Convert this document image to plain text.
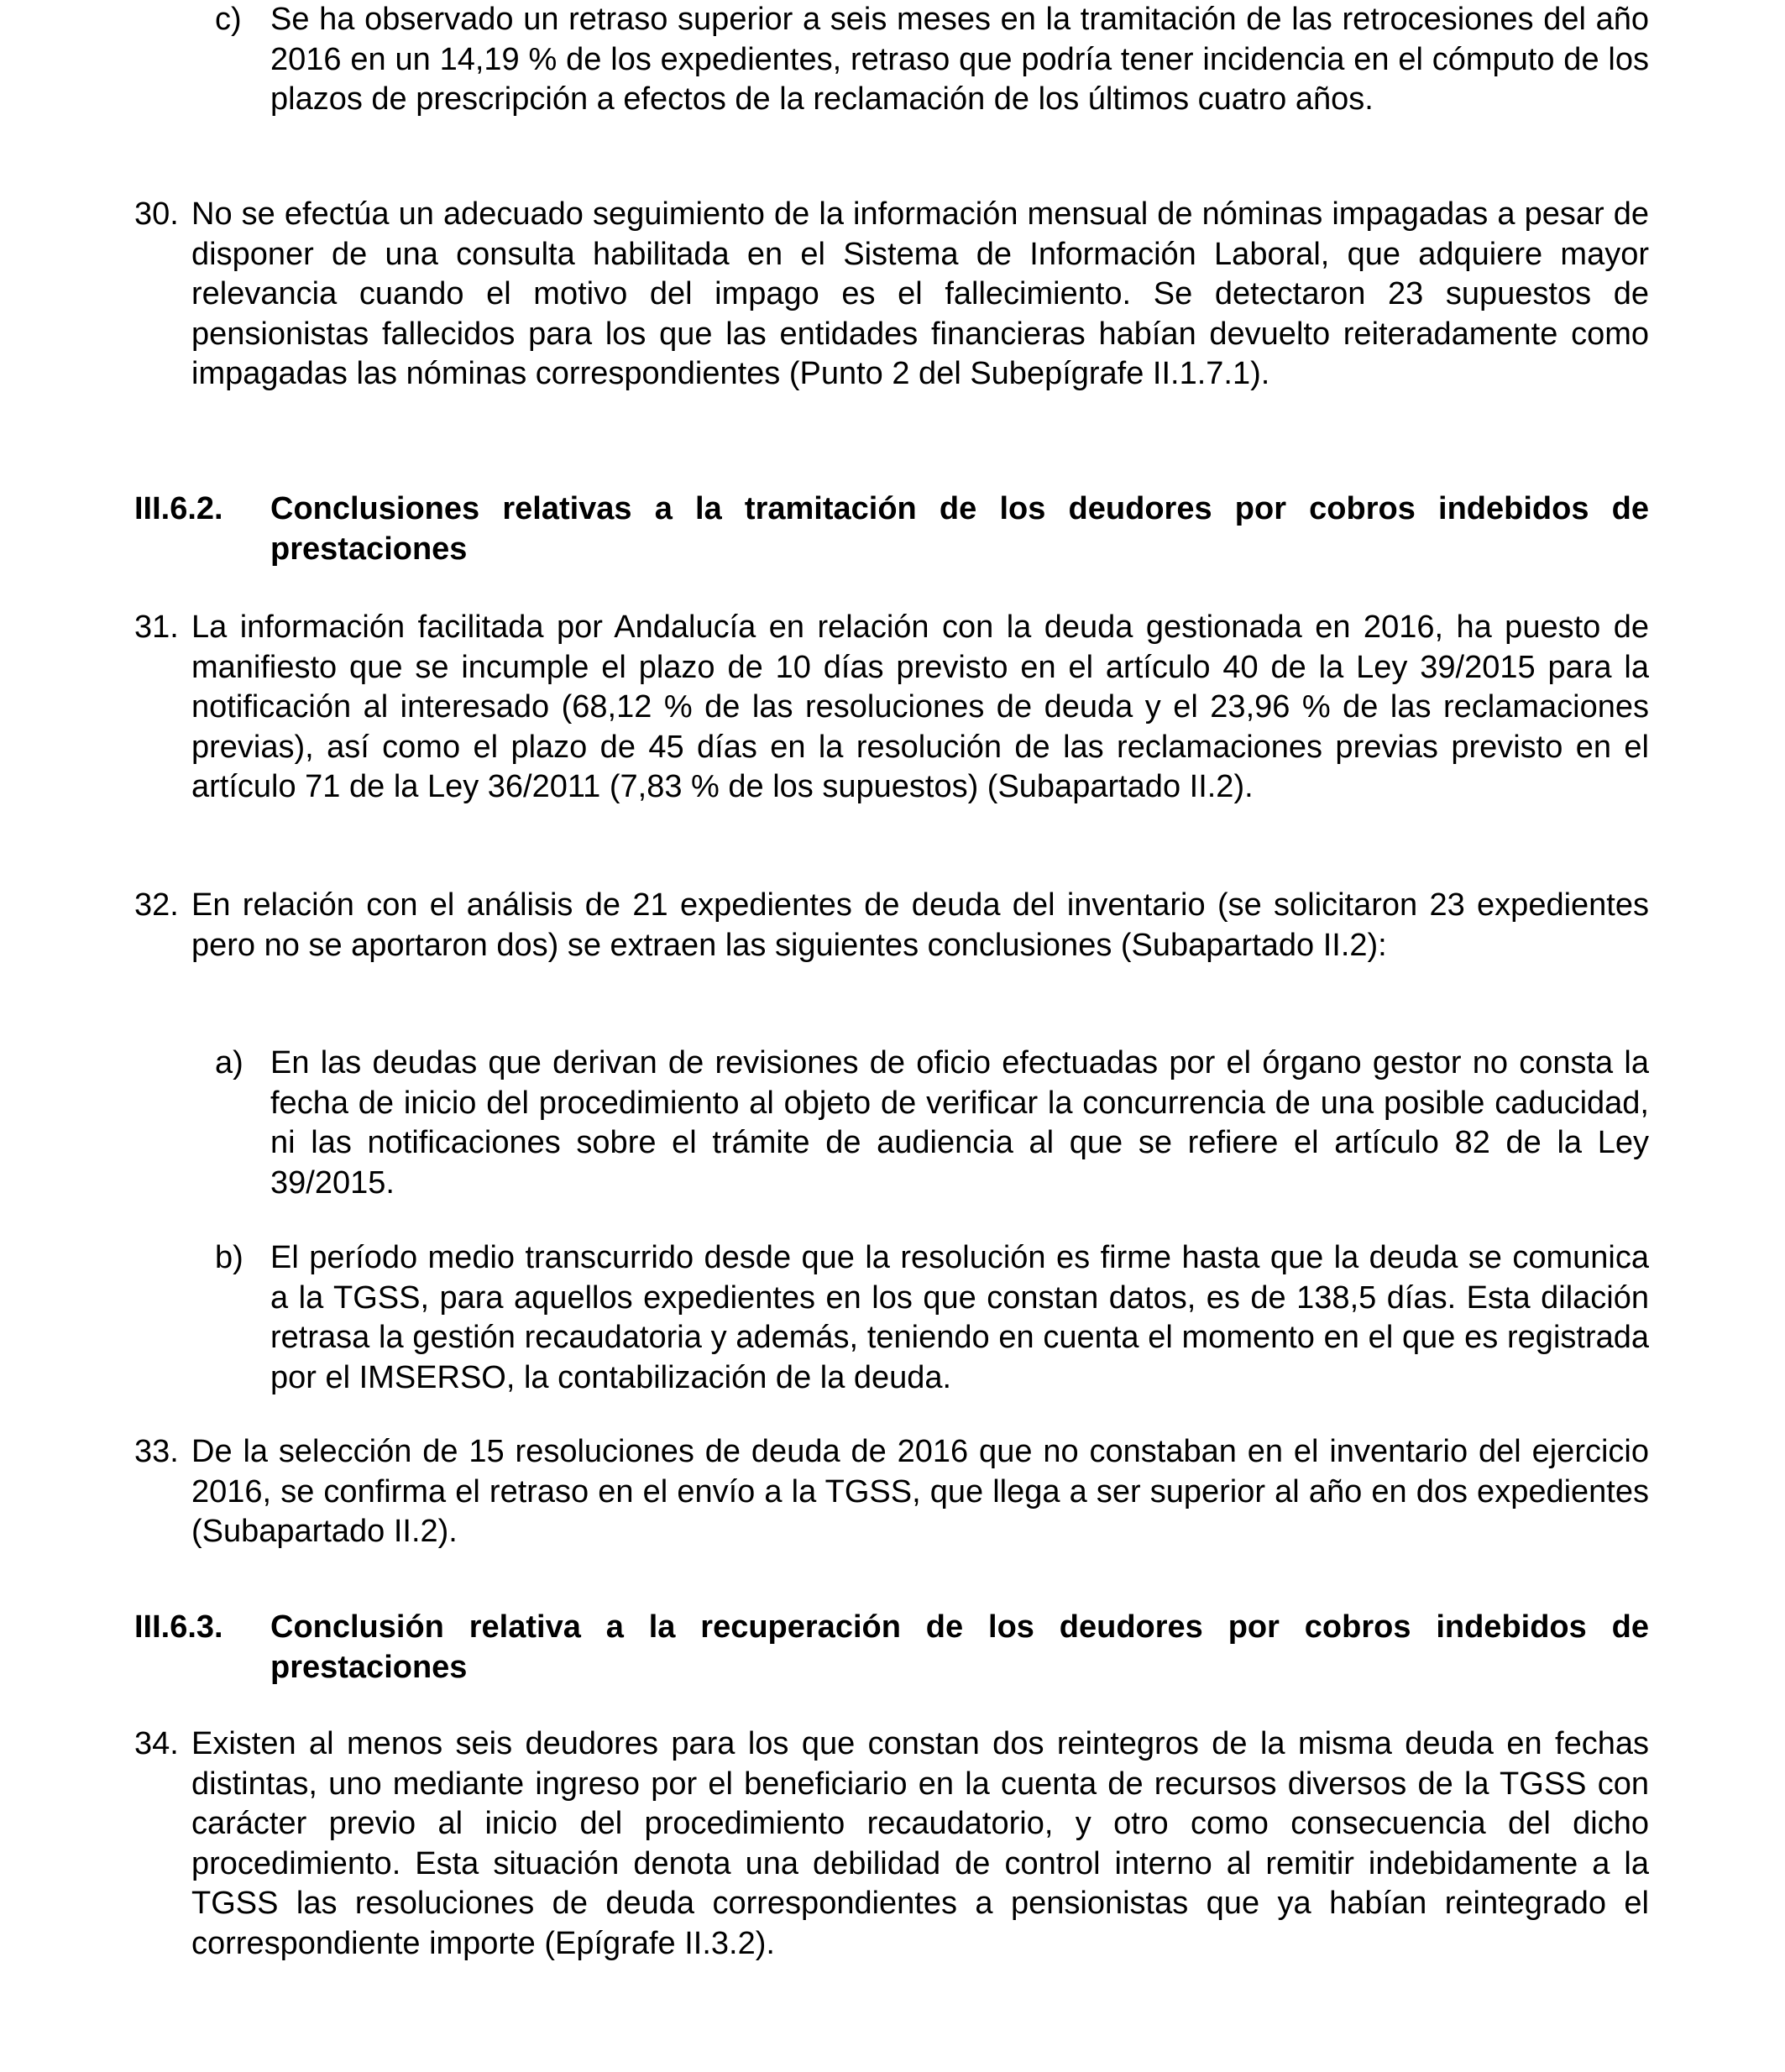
c) Se ha observado un retraso superior a seis meses en la tramitación de las retrocesiones del año 2016 en un 14,19 % de los expedientes, retraso que podría tener incidencia en el cómputo de los plazos de prescripción a efectos de la reclamación de los últimos cuatro años.
30. No se efectúa un adecuado seguimiento de la información mensual de nóminas impagadas a pesar de disponer de una consulta habilitada en el Sistema de Información Laboral, que adquiere mayor relevancia cuando el motivo del impago es el fallecimiento. Se detectaron 23 supuestos de pensionistas fallecidos para los que las entidades financieras habían devuelto reiteradamente como impagadas las nóminas correspondientes (Punto 2 del Subepígrafe II.1.7.1).
III.6.2. Conclusiones relativas a la tramitación de los deudores por cobros indebidos de prestaciones
31. La información facilitada por Andalucía en relación con la deuda gestionada en 2016, ha puesto de manifiesto que se incumple el plazo de 10 días previsto en el artículo 40 de la Ley 39/2015 para la notificación al interesado (68,12 % de las resoluciones de deuda y el 23,96 % de las reclamaciones previas), así como el plazo de 45 días en la resolución de las reclamaciones previas previsto en el artículo 71 de la Ley 36/2011 (7,83 % de los supuestos) (Subapartado II.2).
32. En relación con el análisis de 21 expedientes de deuda del inventario (se solicitaron 23 expedientes pero no se aportaron dos) se extraen las siguientes conclusiones (Subapartado II.2):
a) En las deudas que derivan de revisiones de oficio efectuadas por el órgano gestor no consta la fecha de inicio del procedimiento al objeto de verificar la concurrencia de una posible caducidad, ni las notificaciones sobre el trámite de audiencia al que se refiere el artículo 82 de la Ley 39/2015.
b) El período medio transcurrido desde que la resolución es firme hasta que la deuda se comunica a la TGSS, para aquellos expedientes en los que constan datos, es de 138,5 días. Esta dilación retrasa la gestión recaudatoria y además, teniendo en cuenta el momento en el que es registrada por el IMSERSO, la contabilización de la deuda.
33. De la selección de 15 resoluciones de deuda de 2016 que no constaban en el inventario del ejercicio 2016, se confirma el retraso en el envío a la TGSS, que llega a ser superior al año en dos expedientes (Subapartado II.2).
III.6.3. Conclusión relativa a la recuperación de los deudores por cobros indebidos de prestaciones
34. Existen al menos seis deudores para los que constan dos reintegros de la misma deuda en fechas distintas, uno mediante ingreso por el beneficiario en la cuenta de recursos diversos de la TGSS con carácter previo al inicio del procedimiento recaudatorio, y otro como consecuencia del dicho procedimiento. Esta situación denota una debilidad de control interno al remitir indebidamente a la TGSS las resoluciones de deuda correspondientes a pensionistas que ya habían reintegrado el correspondiente importe (Epígrafe II.3.2).
